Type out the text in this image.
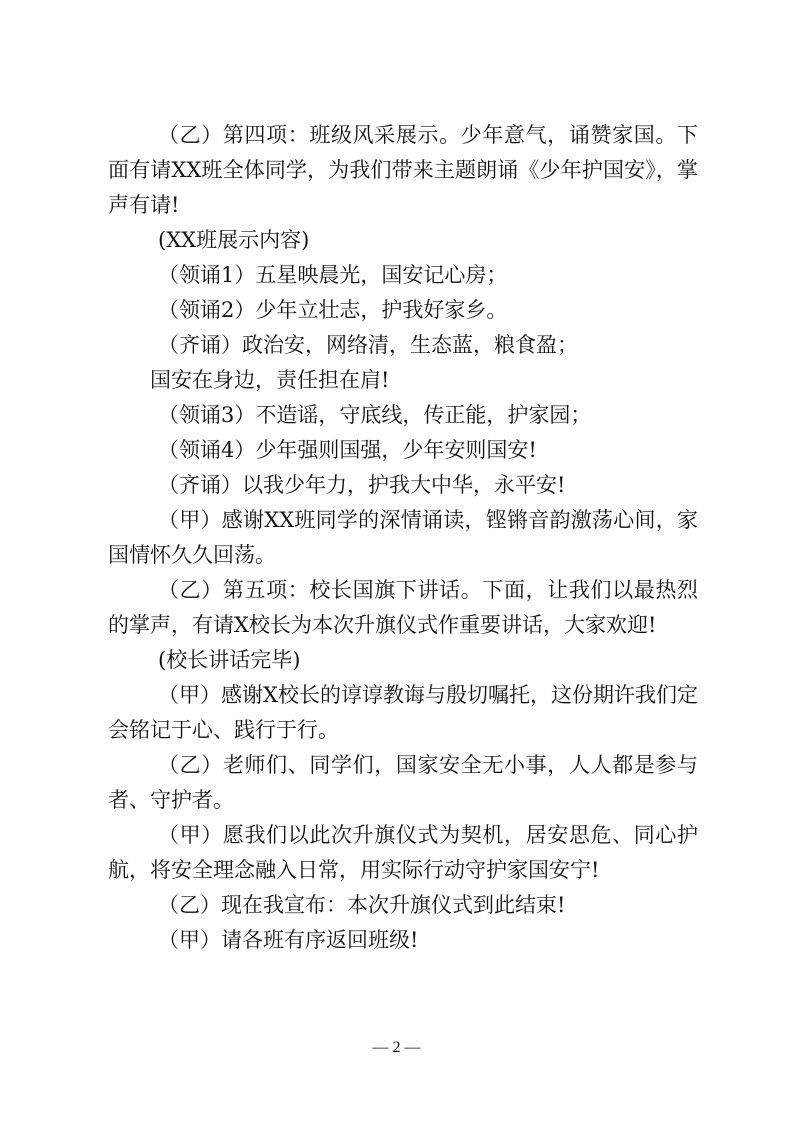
（乙）第四项：班级风采展示。少年意气，诵赞家国。下面有请XX班全体同学，为我们带来主题朗诵《少年护国安》，掌声有请!

(XX班展示内容)

（领诵1）五星映晨光，国安记心房；

（领诵2）少年立壮志，护我好家乡。

（齐诵）政治安，网络清，生态蓝，粮食盈；

国安在身边，责任担在肩!

（领诵3）不造谣，守底线，传正能，护家园；

（领诵4）少年强则国强，少年安则国安!

（齐诵）以我少年力，护我大中华，永平安!

（甲）感谢XX班同学的深情诵读，铿锵音韵激荡心间，家国情怀久久回荡。

（乙）第五项：校长国旗下讲话。下面，让我们以最热烈的掌声，有请X校长为本次升旗仪式作重要讲话，大家欢迎!

(校长讲话完毕)

（甲）感谢X校长的谆谆教诲与殷切嘱托，这份期许我们定会铭记于心、践行于行。

（乙）老师们、同学们，国家安全无小事，人人都是参与者、守护者。

（甲）愿我们以此次升旗仪式为契机，居安思危、同心护航，将安全理念融入日常，用实际行动守护家国安宁!

（乙）现在我宣布：本次升旗仪式到此结束!

（甲）请各班有序返回班级!

— 2 —
